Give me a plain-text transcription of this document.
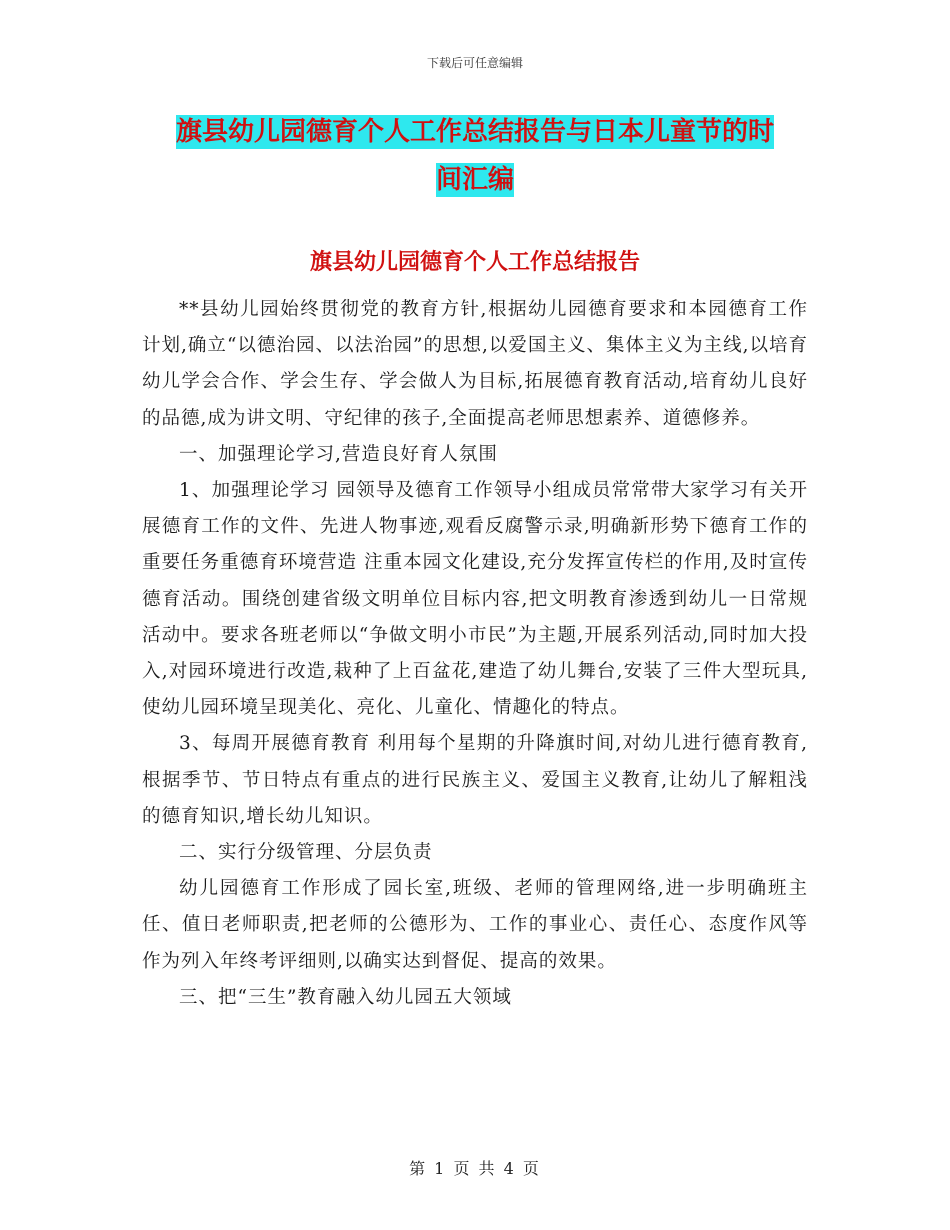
下载后可任意编辑
旗县幼儿园德育个人工作总结报告与日本儿童节的时
间汇编
旗县幼儿园德育个人工作总结报告

**县幼儿园始终贯彻党的教育方针,根据幼儿园德育要求和本园德育工作计划,确立“以德治园、以法治园”的思想,以爱国主义、集体主义为主线,以培育幼儿学会合作、学会生存、学会做人为目标,拓展德育教育活动,培育幼儿良好的品德,成为讲文明、守纪律的孩子,全面提高老师思想素养、道德修养。

一、加强理论学习,营造良好育人氛围

1、加强理论学习 园领导及德育工作领导小组成员常常带大家学习有关开展德育工作的文件、先进人物事迹,观看反腐警示录,明确新形势下德育工作的重要任务重德育环境营造 注重本园文化建设,充分发挥宣传栏的作用,及时宣传德育活动。围绕创建省级文明单位目标内容,把文明教育渗透到幼儿一日常规活动中。要求各班老师以“争做文明小市民”为主题,开展系列活动,同时加大投入,对园环境进行改造,栽种了上百盆花,建造了幼儿舞台,安装了三件大型玩具,使幼儿园环境呈现美化、亮化、儿童化、情趣化的特点。

3、每周开展德育教育 利用每个星期的升降旗时间,对幼儿进行德育教育,根据季节、节日特点有重点的进行民族主义、爱国主义教育,让幼儿了解粗浅的德育知识,增长幼儿知识。

二、实行分级管理、分层负责

幼儿园德育工作形成了园长室,班级、老师的管理网络,进一步明确班主任、值日老师职责,把老师的公德形为、工作的事业心、责任心、态度作风等作为列入年终考评细则,以确实达到督促、提高的效果。

三、把“三生”教育融入幼儿园五大领域

第 1 页 共 4 页
